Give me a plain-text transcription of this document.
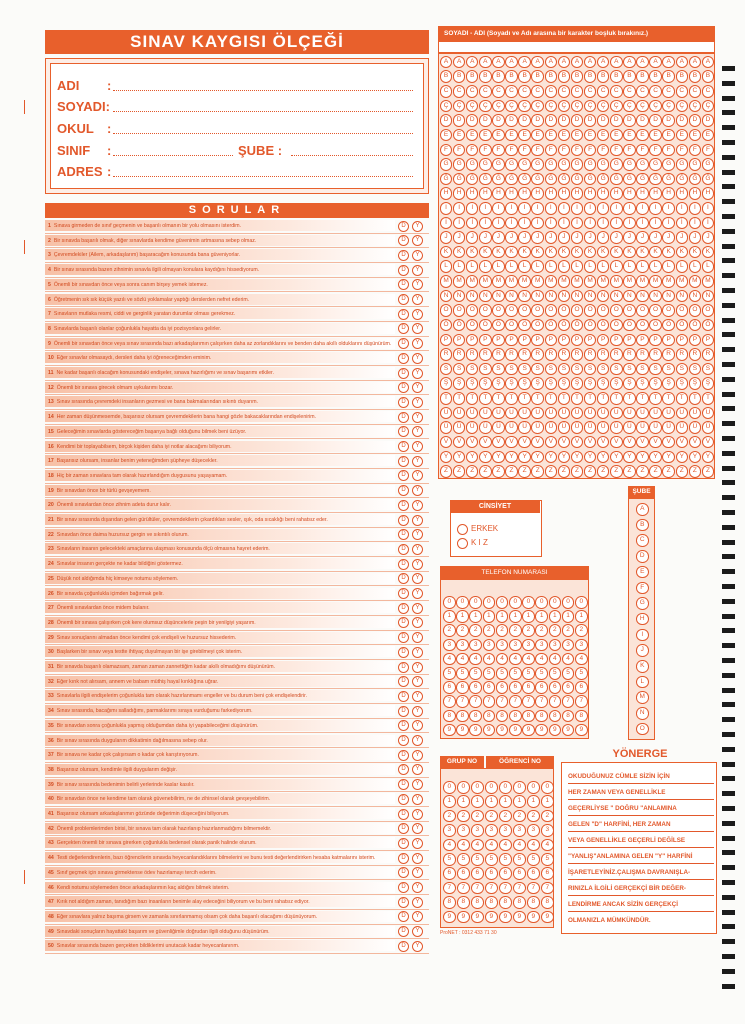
SINAV KAYGISI ÖLÇEĞİ
ADI :
SOYADI:
OKUL :
SINIF :	ŞUBE :
ADRES :
SORULAR
1 Sınava girmeden de sınıf geçmenin ve başarılı olmanın bir yolu olmasını isterdim.	D	Y
2 Bir sınavda başarılı olmak, diğer sınavlarda kendime güvenimin artmasına sebep olmaz.	D	Y
3 Çevremdekiler (Ailem, arkadaşlarım) başaracağım konusunda bana güveniyorlar.	D	Y
4 Bir sınav sırasında bazen zihnimin sınavla ilgili olmayan konulara kaydığını hissediyorum.	D	Y
5 Önemli bir sınavdan önce veya sonra canım birşey yemek istemez.	D	Y
6 Öğretmenin sık sık küçük yazılı ve sözlü yoklamalar yaptığı derslerden nefret ederim.	D	Y
7 Sınavların mutlaka resmi, ciddi ve gerginlik yaratan durumlar olması gerekmez.	D	Y
8 Sınavlarda başarılı olanlar çoğunlukla hayatta da iyi pozisyonlara gelirler.	D	Y
9 Önemli bir sınavdan önce veya sınav sırasında bazı arkadaşlarımın çalışırken daha az zorlandıklarını ve benden daha akıllı olduklarını düşünürüm.	D	Y
10 Eğer sınavlar olmasaydı, dersleri daha iyi öğreneceğimden eminim.	D	Y
11 Ne kadar başarılı olacağım konusundaki endişeler, sınava hazırlığımı ve sınav başarımı etkiler.	D	Y
12 Önemli bir sınava girecek olmam uykularımı bozar.	D	Y
13 Sınav sırasında çevremdeki insanların gezmesi ve bana bakmalarından sıkıntı duyarım.	D	Y
14 Her zaman düşünmesemde, başarısız olursam çevremdekilerin bana hangi gözle bakacaklarından endişelenirim.	D	Y
15 Geleceğimin sınavlarda göstereceğim başarıya bağlı olduğunu bilmek beni üzüyor.	D	Y
16 Kendimi bir toplayabilsem, birçok kişiden daha iyi notlar alacağımı biliyorum.	D	Y
17 Başarısız olursam, insanlar benim yeteneğimden şüpheye düşecekler.	D	Y
18 Hiç bir zaman sınavlara tam olarak hazırlandığım duygusunu yaşayamam.	D	Y
19 Bir sınavdan önce bir türlü gevşeyemem.	D	Y
20 Önemli sınavlardan önce zihnim adeta durur kalır.	D	Y
21 Bir sınav sırasında dışarıdan gelen gürültüler, çevremdekilerin çıkardıkları sesler, ışık, oda sıcaklığı beni rahatsız eder.	D	Y
22 Sınavdan önce daima huzursuz gergin ve sıkıntılı olurum.	D	Y
23 Sınavların insanın gelecekteki amaçlarına ulaşması konusunda ölçü olmasına hayret ederim.	D	Y
24 Sınavlar insanın gerçekte ne kadar bildiğini göstermez.	D	Y
25 Düşük not aldığımda hiç kimseye notumu söylemem.	D	Y
26 Bir sınavda çoğunlukla içimden bağırmak gelir.	D	Y
27 Önemli sınavlardan önce midem bulanır.	D	Y
28 Önemli bir sınava çalışırken çok kere olumsuz düşüncelerle peşin bir yenilgiyi yaşarım.	D	Y
29 Sınav sonuçlarını almadan önce kendimi çok endişeli ve huzursuz hissederim.	D	Y
30 Başlarken bir sınav veya testte ihtiyaç duyulmayan bir işe girebilmeyi çok isterim.	D	Y
31 Bir sınavda başarılı olamazsam, zaman zaman zannettiğim kadar akıllı olmadığımı düşünürüm.	D	Y
32 Eğer kırık not alırsam, annem ve babam müthiş hayal kırıklığına uğrar.	D	Y
33 Sınavlarla ilgili endişelerim çoğunlukla tam olarak hazırlanmamı engeller ve bu durum beni çok endişelendirir.	D	Y
34 Sınav sırasında, bacağımı salladığımı, parmaklarımı sıraya vurduğumu farkediyorum.	D	Y
35 Bir sınavdan sonra çoğunlukla yapmış olduğumdan daha iyi yapabileceğimi düşünürüm.	D	Y
36 Bir sınav sırasında duygularım dikkatimin dağılmasına sebep olur.	D	Y
37 Bir sınava ne kadar çok çalışırsam o kadar çok karıştırıyorum.	D	Y
38 Başarısız olursam, kendimle ilgili duygularım değişir.	D	Y
39 Bir sınav sırasında bedenimin belirli yerlerinde kaslar kasılır.	D	Y
40 Bir sınavdan önce ne kendime tam olarak güvenebilirim, ne de zihinsel olarak gevşeyebilirim.	D	Y
41 Başarısız olursam arkadaşlarımın gözünde değerimin düşeceğini biliyorum.	D	Y
42 Önemli problemlerimden birisi, bir sınava tam olarak hazırlanıp hazırlanmadığımı bilmemektir.	D	Y
43 Gerçekten önemli bir sınava girerken çoğunlukla bedensel olarak panik halinde olurum.	D	Y
44 Testi değerlendirenlerin, bazı öğrencilerin sınavda heyecanlandıklarını bilmelerini ve bunu testi değerlendirirken hesaba katmalarını isterim.	D	Y
45 Sınıf geçmek için sınava girmektense ödev hazırlamayı tercih ederim.	D	Y
46 Kendi notumu söylemeden önce arkadaşlarımın kaç aldığını bilmek isterim.	D	Y
47 Kırık not aldığım zaman, tanıdığım bazı insanların benimle alay edeceğini biliyorum ve bu beni rahatsız ediyor.	D	Y
48 Eğer sınavlara yalnız başıma girsem ve zamanla sınırlanmamış olsam çok daha başarılı olacağımı düşünüyorum.	D	Y
49 Sınavdaki sonuçların hayattaki başarım ve güvenliğimle doğrudan ilgili olduğunu düşünürüm.	D	Y
50 Sınavlar sırasında bazen gerçekten bildiklerimi unutacak kadar heyecanlanırım.	D	Y
SOYADI - ADI (Soyadı ve Adı arasına bir karakter boşluk bırakınız.)
A	A	A	A	A	A	A	A	A	A	A	A	A	A	A	A	A	A	A	A	A
B	B	B	B	B	B	B	B	B	B	B	B	B	B	B	B	B	B	B	B	B
C	C	C	C	C	C	C	C	C	C	C	C	C	C	C	C	C	C	C	C	C
Ç	Ç	Ç	Ç	Ç	Ç	Ç	Ç	Ç	Ç	Ç	Ç	Ç	Ç	Ç	Ç	Ç	Ç	Ç	Ç	Ç
D	D	D	D	D	D	D	D	D	D	D	D	D	D	D	D	D	D	D	D	D
E	E	E	E	E	E	E	E	E	E	E	E	E	E	E	E	E	E	E	E	E
F	F	F	F	F	F	F	F	F	F	F	F	F	F	F	F	F	F	F	F	F
G	G	G	G	G	G	G	G	G	G	G	G	G	G	G	G	G	G	G	G	G
Ğ	Ğ	Ğ	Ğ	Ğ	Ğ	Ğ	Ğ	Ğ	Ğ	Ğ	Ğ	Ğ	Ğ	Ğ	Ğ	Ğ	Ğ	Ğ	Ğ	Ğ
H	H	H	H	H	H	H	H	H	H	H	H	H	H	H	H	H	H	H	H	H
I	I	I	I	I	I	I	I	I	I	I	I	I	I	I	I	I	I	I	I	I
İ	İ	İ	İ	İ	İ	İ	İ	İ	İ	İ	İ	İ	İ	İ	İ	İ	İ	İ	İ	İ
J	J	J	J	J	J	J	J	J	J	J	J	J	J	J	J	J	J	J	J	J
K	K	K	K	K	K	K	K	K	K	K	K	K	K	K	K	K	K	K	K	K
L	L	L	L	L	L	L	L	L	L	L	L	L	L	L	L	L	L	L	L	L
M	M	M	M	M	M	M	M	M	M	M	M	M	M	M	M	M	M	M	M	M
N	N	N	N	N	N	N	N	N	N	N	N	N	N	N	N	N	N	N	N	N
O	O	O	O	O	O	O	O	O	O	O	O	O	O	O	O	O	O	O	O	O
Ö	Ö	Ö	Ö	Ö	Ö	Ö	Ö	Ö	Ö	Ö	Ö	Ö	Ö	Ö	Ö	Ö	Ö	Ö	Ö	Ö
P	P	P	P	P	P	P	P	P	P	P	P	P	P	P	P	P	P	P	P	P
R	R	R	R	R	R	R	R	R	R	R	R	R	R	R	R	R	R	R	R	R
S	S	S	S	S	S	S	S	S	S	S	S	S	S	S	S	S	S	S	S	S
Ş	Ş	Ş	Ş	Ş	Ş	Ş	Ş	Ş	Ş	Ş	Ş	Ş	Ş	Ş	Ş	Ş	Ş	Ş	Ş	Ş
T	T	T	T	T	T	T	T	T	T	T	T	T	T	T	T	T	T	T	T	T
U	U	U	U	U	U	U	U	U	U	U	U	U	U	U	U	U	U	U	U	U
Ü	Ü	Ü	Ü	Ü	Ü	Ü	Ü	Ü	Ü	Ü	Ü	Ü	Ü	Ü	Ü	Ü	Ü	Ü	Ü	Ü
V	V	V	V	V	V	V	V	V	V	V	V	V	V	V	V	V	V	V	V	V
Y	Y	Y	Y	Y	Y	Y	Y	Y	Y	Y	Y	Y	Y	Y	Y	Y	Y	Y	Y	Y
Z	Z	Z	Z	Z	Z	Z	Z	Z	Z	Z	Z	Z	Z	Z	Z	Z	Z	Z	Z	Z
ERKEK
K I Z
CİNSİYET
ŞUBE
A
B
C
D
E
F
G
H
I
J
K
L
M
N
O
TELEFON NUMARASI
0	0	0	0	0	0	0	0	0	0	0
1	1	1	1	1	1	1	1	1	1	1
2	2	2	2	2	2	2	2	2	2	2
3	3	3	3	3	3	3	3	3	3	3
4	4	4	4	4	4	4	4	4	4	4
5	5	5	5	5	5	5	5	5	5	5
6	6	6	6	6	6	6	6	6	6	6
7	7	7	7	7	7	7	7	7	7	7
8	8	8	8	8	8	8	8	8	8	8
9	9	9	9	9	9	9	9	9	9	9
GRUP NO	ÖĞRENCİ NO
0	0	0	0	0	0	0	0
1	1	1	1	1	1	1	1
2	2	2	2	2	2	2	2
3	3	3	3	3	3	3	3
4	4	4	4	4	4	4	4
5	5	5	5	5	5	5	5
6	6	6	6	6	6	6	6
7	7	7	7	7	7	7	7
8	8	8	8	8	8	8	8
9	9	9	9	9	9	9	9
ProNET : 0312 433 71 30
YÖNERGE
OKUDUĞUNUZ CÜMLE SİZİN İÇİN
HER ZAMAN VEYA GENELLİKLE
GEÇERLİYSE " DOĞRU "ANLAMINA
GELEN "D" HARFİNİ, HER ZAMAN
VEYA GENELLİKLE GEÇERLİ DEĞİLSE
"YANLIŞ"ANLAMINA GELEN "Y" HARFİNİ
İŞARETLEYİNİZ.ÇALIŞMA DAVRANIŞLA-
RINIZLA İLGİLİ GERÇEKÇİ BİR DEĞER-
LENDİRME ANCAK SİZİN GERÇEKÇİ
OLMANIZLA MÜMKÜNDÜR.
